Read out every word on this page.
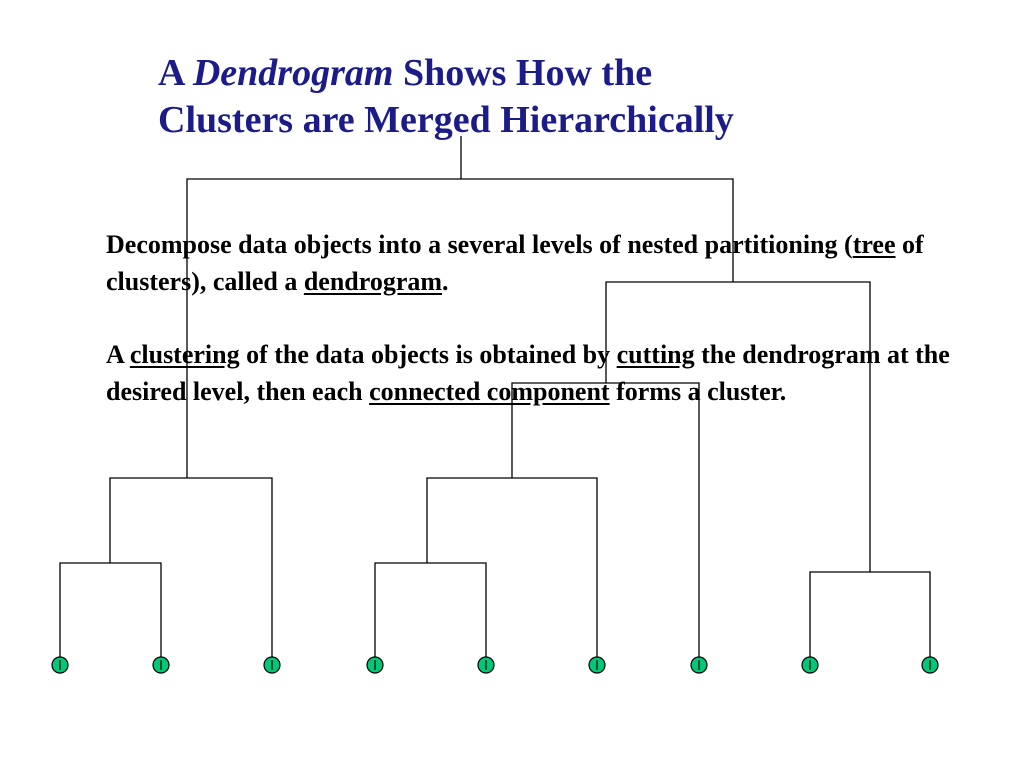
A Dendrogram Shows How the
Clusters are Merged Hierarchically

Decompose data objects into a several levels of nested partitioning (tree of clusters), called a dendrogram.

A clustering of the data objects is obtained by cutting the dendrogram at the desired level, then each connected component forms a cluster.
